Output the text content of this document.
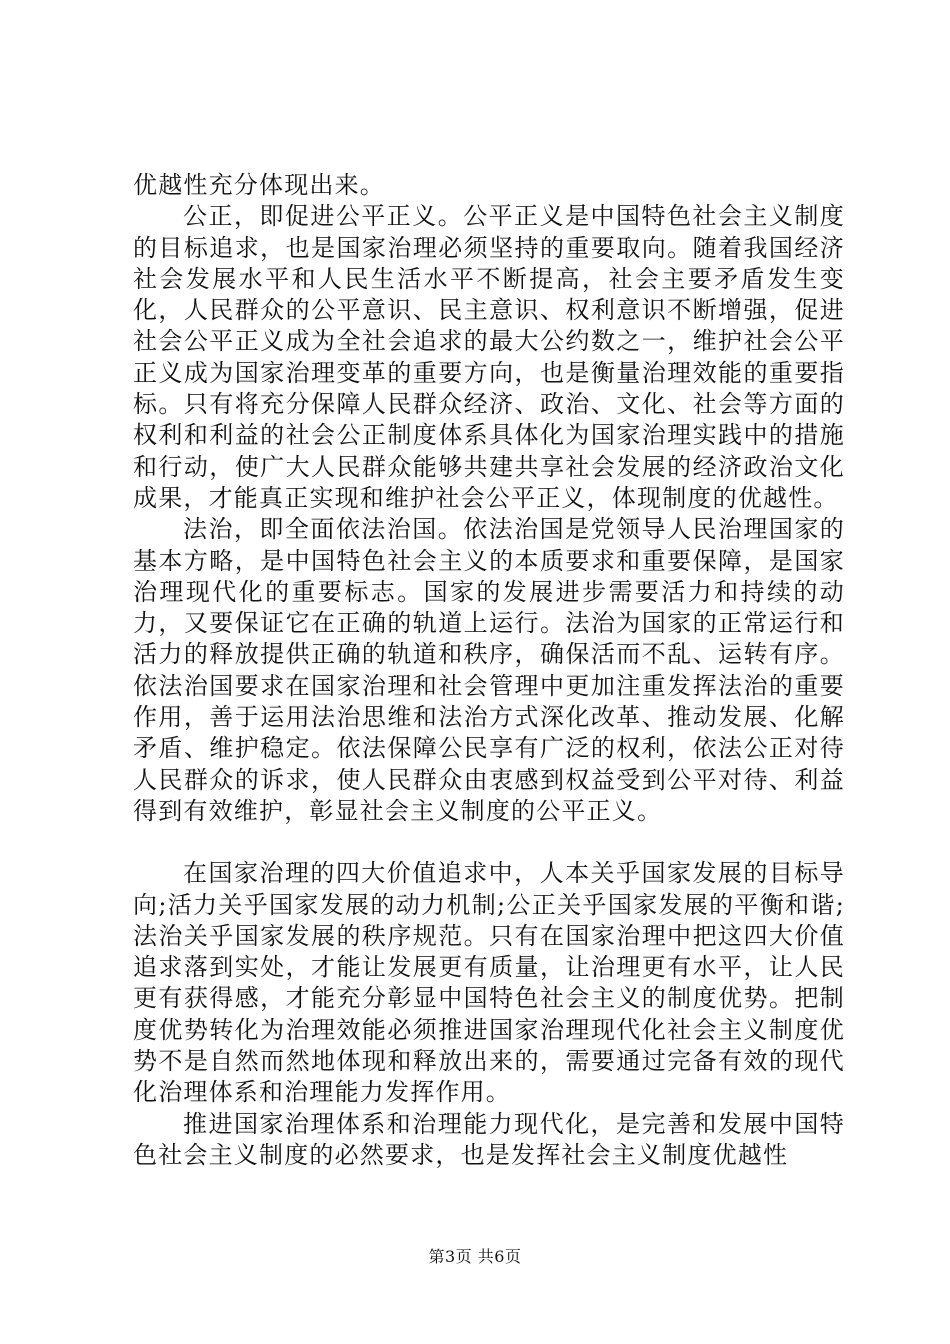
优越性充分体现出来。

公正，即促进公平正义。公平正义是中国特色社会主义制度的目标追求，也是国家治理必须坚持的重要取向。随着我国经济社会发展水平和人民生活水平不断提高，社会主要矛盾发生变化，人民群众的公平意识、民主意识、权利意识不断增强，促进社会公平正义成为全社会追求的最大公约数之一，维护社会公平正义成为国家治理变革的重要方向，也是衡量治理效能的重要指标。只有将充分保障人民群众经济、政治、文化、社会等方面的权利和利益的社会公正制度体系具体化为国家治理实践中的措施和行动，使广大人民群众能够共建共享社会发展的经济政治文化成果，才能真正实现和维护社会公平正义，体现制度的优越性。

法治，即全面依法治国。依法治国是党领导人民治理国家的基本方略，是中国特色社会主义的本质要求和重要保障，是国家治理现代化的重要标志。国家的发展进步需要活力和持续的动力，又要保证它在正确的轨道上运行。法治为国家的正常运行和活力的释放提供正确的轨道和秩序，确保活而不乱、运转有序。依法治国要求在国家治理和社会管理中更加注重发挥法治的重要作用，善于运用法治思维和法治方式深化改革、推动发展、化解矛盾、维护稳定。依法保障公民享有广泛的权利，依法公正对待人民群众的诉求，使人民群众由衷感到权益受到公平对待、利益得到有效维护，彰显社会主义制度的公平正义。

在国家治理的四大价值追求中，人本关乎国家发展的目标导向;活力关乎国家发展的动力机制;公正关乎国家发展的平衡和谐;法治关乎国家发展的秩序规范。只有在国家治理中把这四大价值追求落到实处，才能让发展更有质量，让治理更有水平，让人民更有获得感，才能充分彰显中国特色社会主义的制度优势。把制度优势转化为治理效能必须推进国家治理现代化社会主义制度优势不是自然而然地体现和释放出来的，需要通过完备有效的现代化治理体系和治理能力发挥作用。

推进国家治理体系和治理能力现代化，是完善和发展中国特色社会主义制度的必然要求，也是发挥社会主义制度优越性

第3页 共6页
